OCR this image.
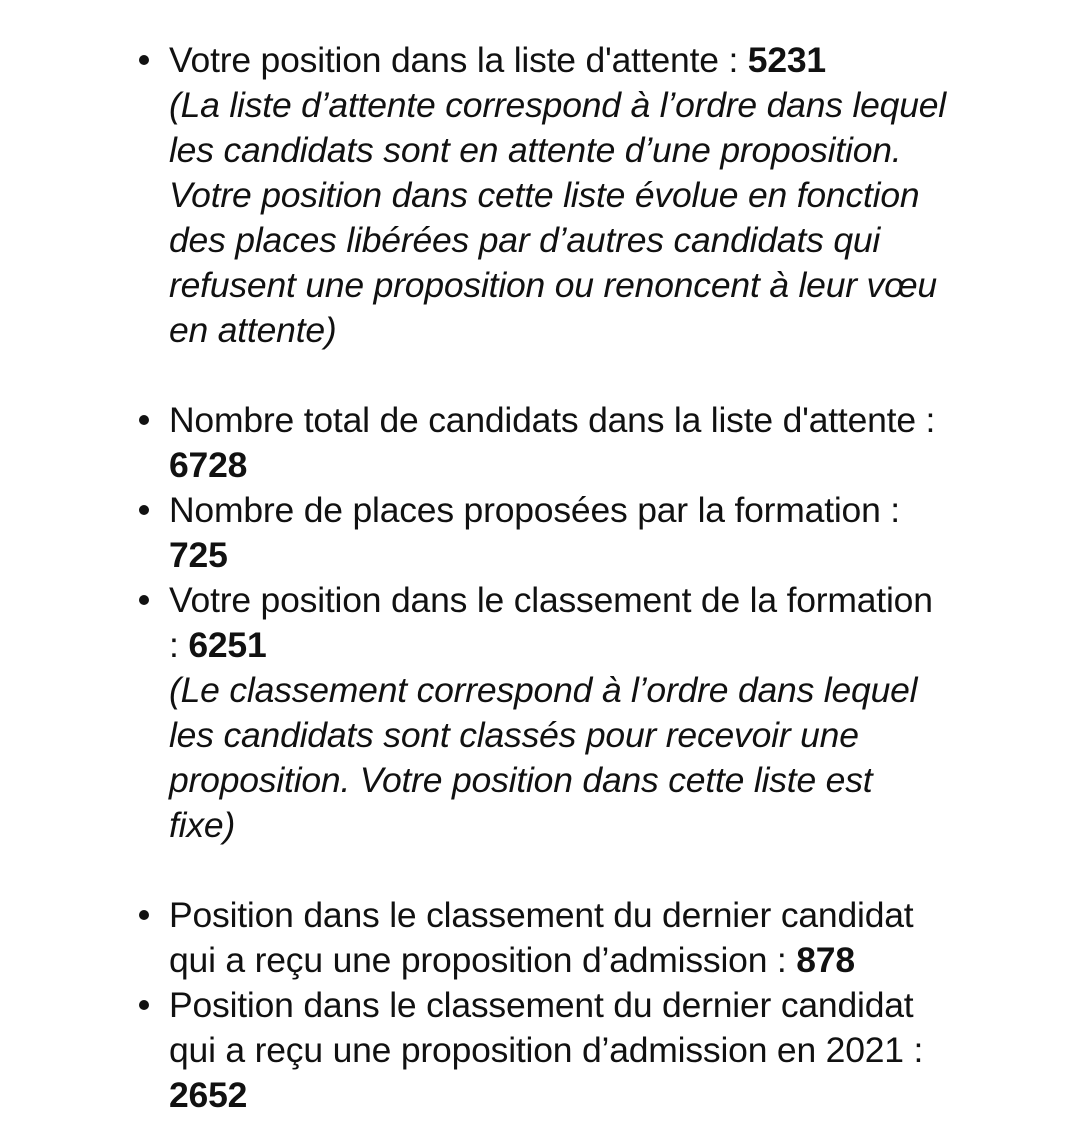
Votre position dans la liste d'attente : 5231
(La liste d’attente correspond à l’ordre dans lequel
les candidats sont en attente d’une proposition.
Votre position dans cette liste évolue en fonction
des places libérées par d’autres candidats qui
refusent une proposition ou renoncent à leur vœu
en attente)
Nombre total de candidats dans la liste d'attente :
6728
Nombre de places proposées par la formation :
725
Votre position dans le classement de la formation
: 6251
(Le classement correspond à l’ordre dans lequel
les candidats sont classés pour recevoir une
proposition. Votre position dans cette liste est
fixe)
Position dans le classement du dernier candidat
qui a reçu une proposition d’admission : 878
Position dans le classement du dernier candidat
qui a reçu une proposition d’admission en 2021 :
2652
